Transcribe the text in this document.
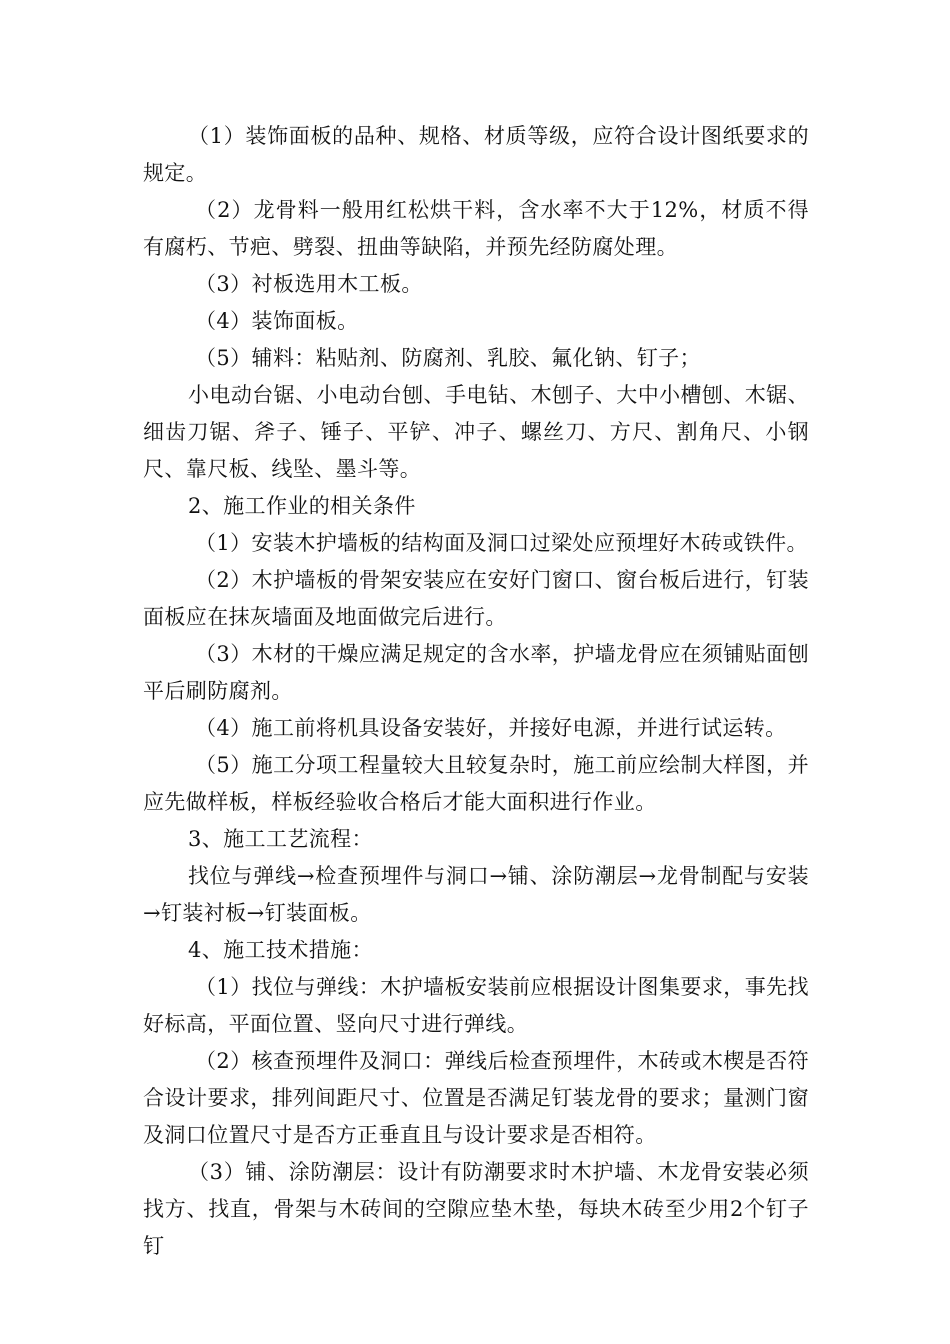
（1）装饰面板的品种、规格、材质等级，应符合设计图纸要求的规定。

（2）龙骨料一般用红松烘干料，含水率不大于12%，材质不得有腐朽、节疤、劈裂、扭曲等缺陷，并预先经防腐处理。

（3）衬板选用木工板。

（4）装饰面板。

（5）辅料：粘贴剂、防腐剂、乳胶、氟化钠、钉子；

小电动台锯、小电动台刨、手电钻、木刨子、大中小槽刨、木锯、细齿刀锯、斧子、锤子、平铲、冲子、螺丝刀、方尺、割角尺、小钢尺、靠尺板、线坠、墨斗等。

2、施工作业的相关条件

（1）安装木护墙板的结构面及洞口过梁处应预埋好木砖或铁件。

（2）木护墙板的骨架安装应在安好门窗口、窗台板后进行，钉装面板应在抹灰墙面及地面做完后进行。

（3）木材的干燥应满足规定的含水率，护墙龙骨应在须铺贴面刨平后刷防腐剂。

（4）施工前将机具设备安装好，并接好电源，并进行试运转。

（5）施工分项工程量较大且较复杂时，施工前应绘制大样图，并应先做样板，样板经验收合格后才能大面积进行作业。

3、施工工艺流程：

找位与弹线→检查预埋件与洞口→铺、涂防潮层→龙骨制配与安装→钉装衬板→钉装面板。

4、施工技术措施：

（1）找位与弹线：木护墙板安装前应根据设计图集要求，事先找好标高，平面位置、竖向尺寸进行弹线。

（2）核查预埋件及洞口：弹线后检查预埋件，木砖或木楔是否符合设计要求，排列间距尺寸、位置是否满足钉装龙骨的要求；量测门窗及洞口位置尺寸是否方正垂直且与设计要求是否相符。

（3）铺、涂防潮层：设计有防潮要求时木护墙、木龙骨安装必须找方、找直，骨架与木砖间的空隙应垫木垫，每块木砖至少用2个钉子钉
